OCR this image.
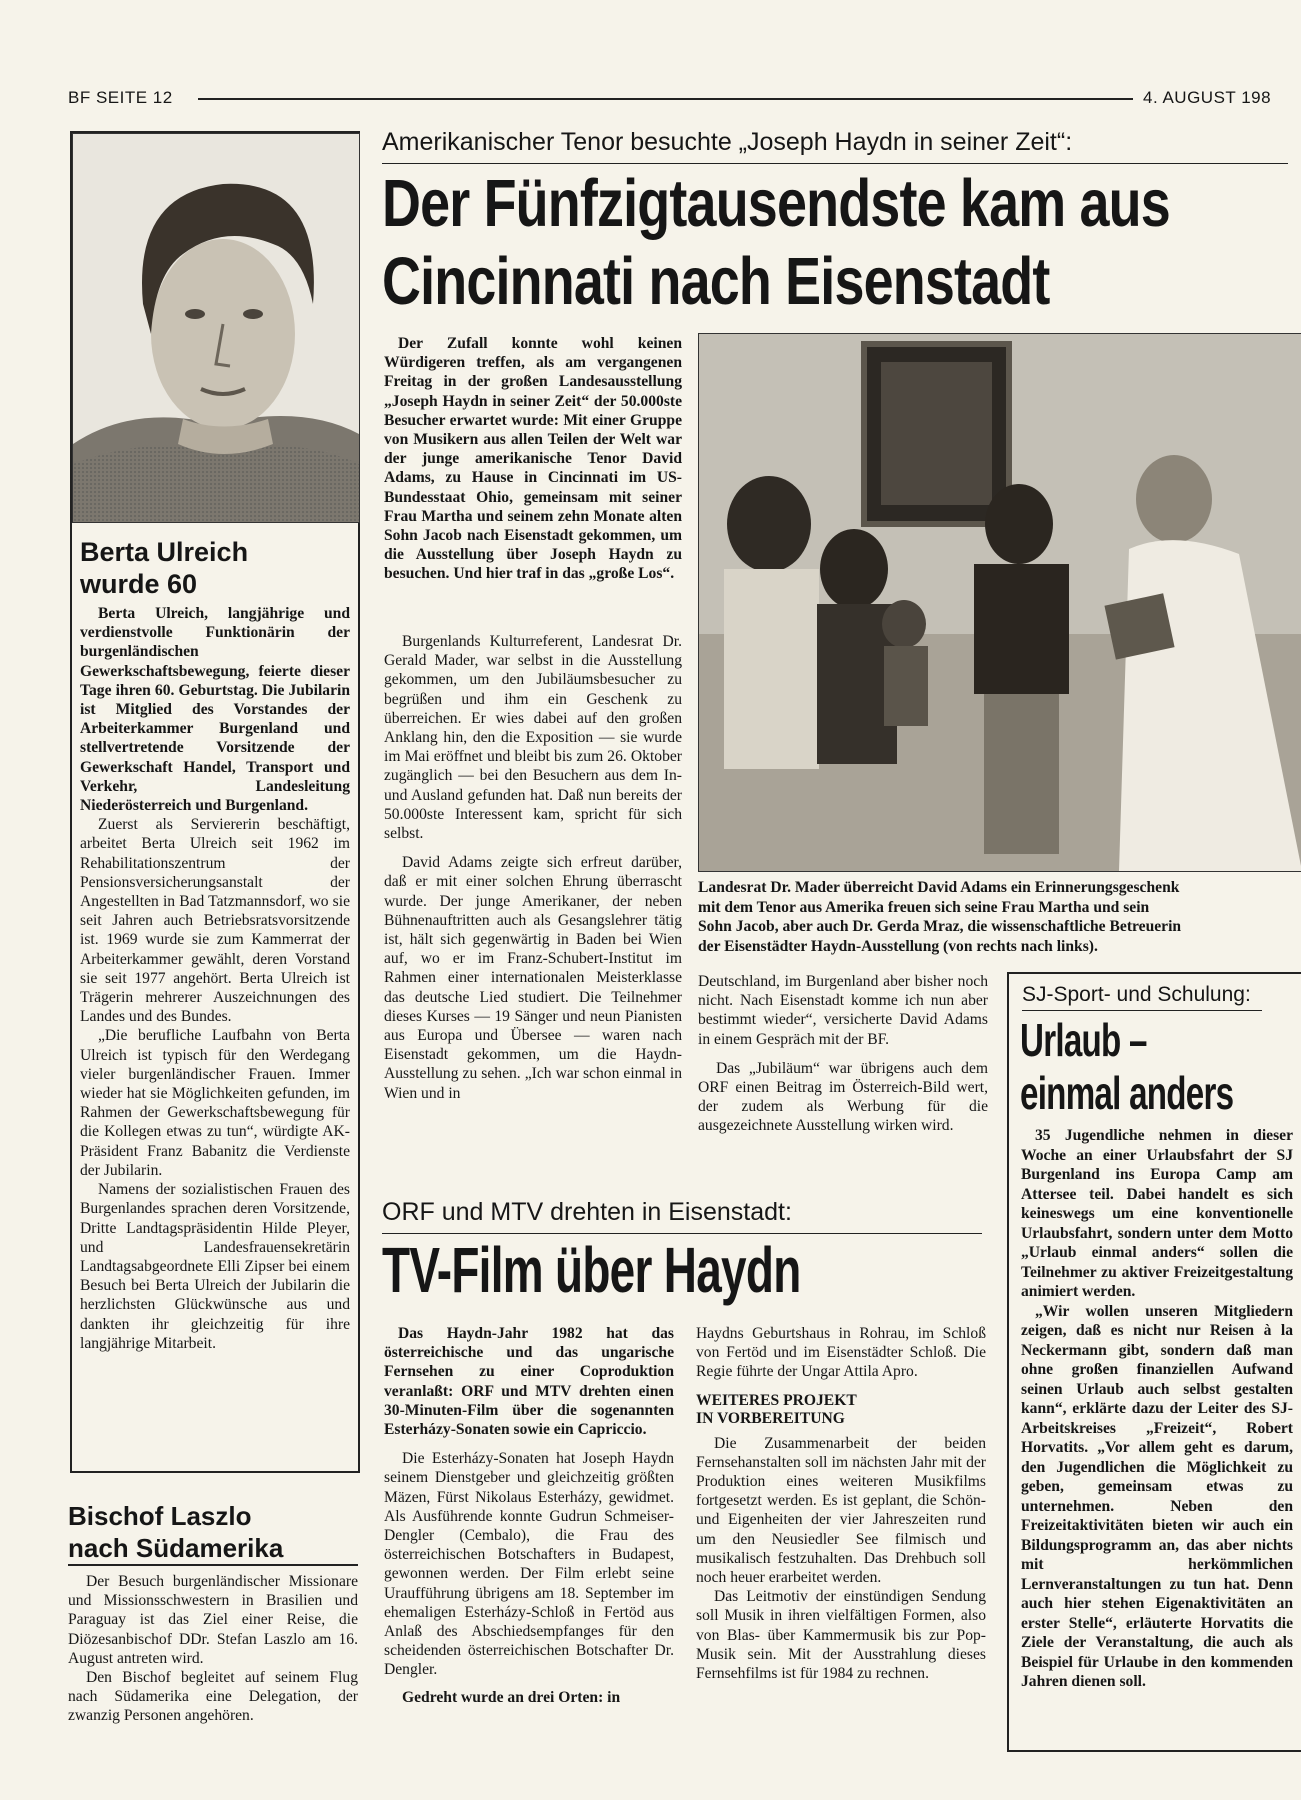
BF SEITE 12	4. AUGUST 198
Berta Ulreich
wurde 60

Berta Ulreich, langjährige und verdienstvolle Funktionärin der burgenländischen Gewerkschaftsbewegung, feierte dieser Tage ihren 60. Geburtstag. Die Jubilarin ist Mitglied des Vorstandes der Arbeiterkammer Burgenland und stellvertretende Vorsitzende der Gewerkschaft Handel, Transport und Verkehr, Landesleitung Niederösterreich und Burgenland.

Zuerst als Serviererin beschäftigt, arbeitet Berta Ulreich seit 1962 im Rehabilitationszentrum der Pensionsversicherungsanstalt der Angestellten in Bad Tatzmannsdorf, wo sie seit Jahren auch Betriebsratsvorsitzende ist. 1969 wurde sie zum Kammerrat der Arbeiterkammer gewählt, deren Vorstand sie seit 1977 angehört. Berta Ulreich ist Trägerin mehrerer Auszeichnungen des Landes und des Bundes.

„Die berufliche Laufbahn von Berta Ulreich ist typisch für den Werdegang vieler burgenländischer Frauen. Immer wieder hat sie Möglichkeiten gefunden, im Rahmen der Gewerkschaftsbewegung für die Kollegen etwas zu tun“, würdigte AK-Präsident Franz Babanitz die Verdienste der Jubilarin.

Namens der sozialistischen Frauen des Burgenlandes sprachen deren Vorsitzende, Dritte Landtagspräsidentin Hilde Pleyer, und Landesfrauensekretärin Landtagsabgeordnete Elli Zipser bei einem Besuch bei Berta Ulreich der Jubilarin die herzlichsten Glückwünsche aus und dankten ihr gleichzeitig für ihre langjährige Mitarbeit.

Bischof Laszlo
nach Südamerika

Der Besuch burgenländischer Missionare und Missionsschwestern in Brasilien und Paraguay ist das Ziel einer Reise, die Diözesanbischof DDr. Stefan Laszlo am 16. August antreten wird.

Den Bischof begleitet auf seinem Flug nach Südamerika eine Delegation, der zwanzig Personen angehören.

Amerikanischer Tenor besuchte „Joseph Haydn in seiner Zeit“:
Der Fünfzigtausendste kam aus
Cincinnati nach Eisenstadt

Der Zufall konnte wohl keinen Würdigeren treffen, als am vergangenen Freitag in der großen Landesausstellung „Joseph Haydn in seiner Zeit“ der 50.000ste Besucher erwartet wurde: Mit einer Gruppe von Musikern aus allen Teilen der Welt war der junge amerikanische Tenor David Adams, zu Hause in Cincinnati im US-Bundesstaat Ohio, gemeinsam mit seiner Frau Martha und seinem zehn Monate alten Sohn Jacob nach Eisenstadt gekommen, um die Ausstellung über Joseph Haydn zu besuchen. Und hier traf in das „große Los“.

Burgenlands Kulturreferent, Landesrat Dr. Gerald Mader, war selbst in die Ausstellung gekommen, um den Jubiläumsbesucher zu begrüßen und ihm ein Geschenk zu überreichen. Er wies dabei auf den großen Anklang hin, den die Exposition — sie wurde im Mai eröffnet und bleibt bis zum 26. Oktober zugänglich — bei den Besuchern aus dem In- und Ausland gefunden hat. Daß nun bereits der 50.000ste Interessent kam, spricht für sich selbst.

David Adams zeigte sich erfreut darüber, daß er mit einer solchen Ehrung überrascht wurde. Der junge Amerikaner, der neben Bühnenauftritten auch als Gesangslehrer tätig ist, hält sich gegenwärtig in Baden bei Wien auf, wo er im Franz-Schubert-Institut im Rahmen einer internationalen Meisterklasse das deutsche Lied studiert. Die Teilnehmer dieses Kurses — 19 Sänger und neun Pianisten aus Europa und Übersee — waren nach Eisenstadt gekommen, um die Haydn-Ausstellung zu sehen. „Ich war schon einmal in Wien und in

Landesrat Dr. Mader überreicht David Adams ein Erinnerungsgeschenk
mit dem Tenor aus Amerika freuen sich seine Frau Martha und sein
Sohn Jacob, aber auch Dr. Gerda Mraz, die wissenschaftliche Betreuerin
der Eisenstädter Haydn-Ausstellung (von rechts nach links).

Deutschland, im Burgenland aber bisher noch nicht. Nach Eisenstadt komme ich nun aber bestimmt wieder“, versicherte David Adams in einem Gespräch mit der BF.

Das „Jubiläum“ war übrigens auch dem ORF einen Beitrag im Österreich-Bild wert, der zudem als Werbung für die ausgezeichnete Ausstellung wirken wird.

ORF und MTV drehten in Eisenstadt:
TV-Film über Haydn

Das Haydn-Jahr 1982 hat das österreichische und das ungarische Fernsehen zu einer Coproduktion veranlaßt: ORF und MTV drehten einen 30-Minuten-Film über die sogenannten Esterházy-Sonaten sowie ein Capriccio.

Die Esterházy-Sonaten hat Joseph Haydn seinem Dienstgeber und gleichzeitig größten Mäzen, Fürst Nikolaus Esterházy, gewidmet. Als Ausführende konnte Gudrun Schmeiser-Dengler (Cembalo), die Frau des österreichischen Botschafters in Budapest, gewonnen werden. Der Film erlebt seine Uraufführung übrigens am 18. September im ehemaligen Esterházy-Schloß in Fertöd aus Anlaß des Abschiedsempfanges für den scheidenden österreichischen Botschafter Dr. Dengler.

Gedreht wurde an drei Orten: in

Haydns Geburtshaus in Rohrau, im Schloß von Fertöd und im Eisenstädter Schloß. Die Regie führte der Ungar Attila Apro.

WEITERES PROJEKT
IN VORBEREITUNG

Die Zusammenarbeit der beiden Fernsehanstalten soll im nächsten Jahr mit der Produktion eines weiteren Musikfilms fortgesetzt werden. Es ist geplant, die Schön- und Eigenheiten der vier Jahreszeiten rund um den Neusiedler See filmisch und musikalisch festzuhalten. Das Drehbuch soll noch heuer erarbeitet werden.

Das Leitmotiv der einstündigen Sendung soll Musik in ihren vielfältigen Formen, also von Blas- über Kammermusik bis zur Pop-Musik sein. Mit der Ausstrahlung dieses Fernsehfilms ist für 1984 zu rechnen.

SJ-Sport- und Schulung:
Urlaub –
einmal anders

35 Jugendliche nehmen in dieser Woche an einer Urlaubsfahrt der SJ Burgenland ins Europa Camp am Attersee teil. Dabei handelt es sich keineswegs um eine konventionelle Urlaubsfahrt, sondern unter dem Motto „Urlaub einmal anders“ sollen die Teilnehmer zu aktiver Freizeitgestaltung animiert werden.

„Wir wollen unseren Mitgliedern zeigen, daß es nicht nur Reisen à la Neckermann gibt, sondern daß man ohne großen finanziellen Aufwand seinen Urlaub auch selbst gestalten kann“, erklärte dazu der Leiter des SJ-Arbeitskreises „Freizeit“, Robert Horvatits. „Vor allem geht es darum, den Jugendlichen die Möglichkeit zu geben, gemeinsam etwas zu unternehmen. Neben den Freizeitaktivitäten bieten wir auch ein Bildungsprogramm an, das aber nichts mit herkömmlichen Lernveranstaltungen zu tun hat. Denn auch hier stehen Eigenaktivitäten an erster Stelle“, erläuterte Horvatits die Ziele der Veranstaltung, die auch als Beispiel für Urlaube in den kommenden Jahren dienen soll.
